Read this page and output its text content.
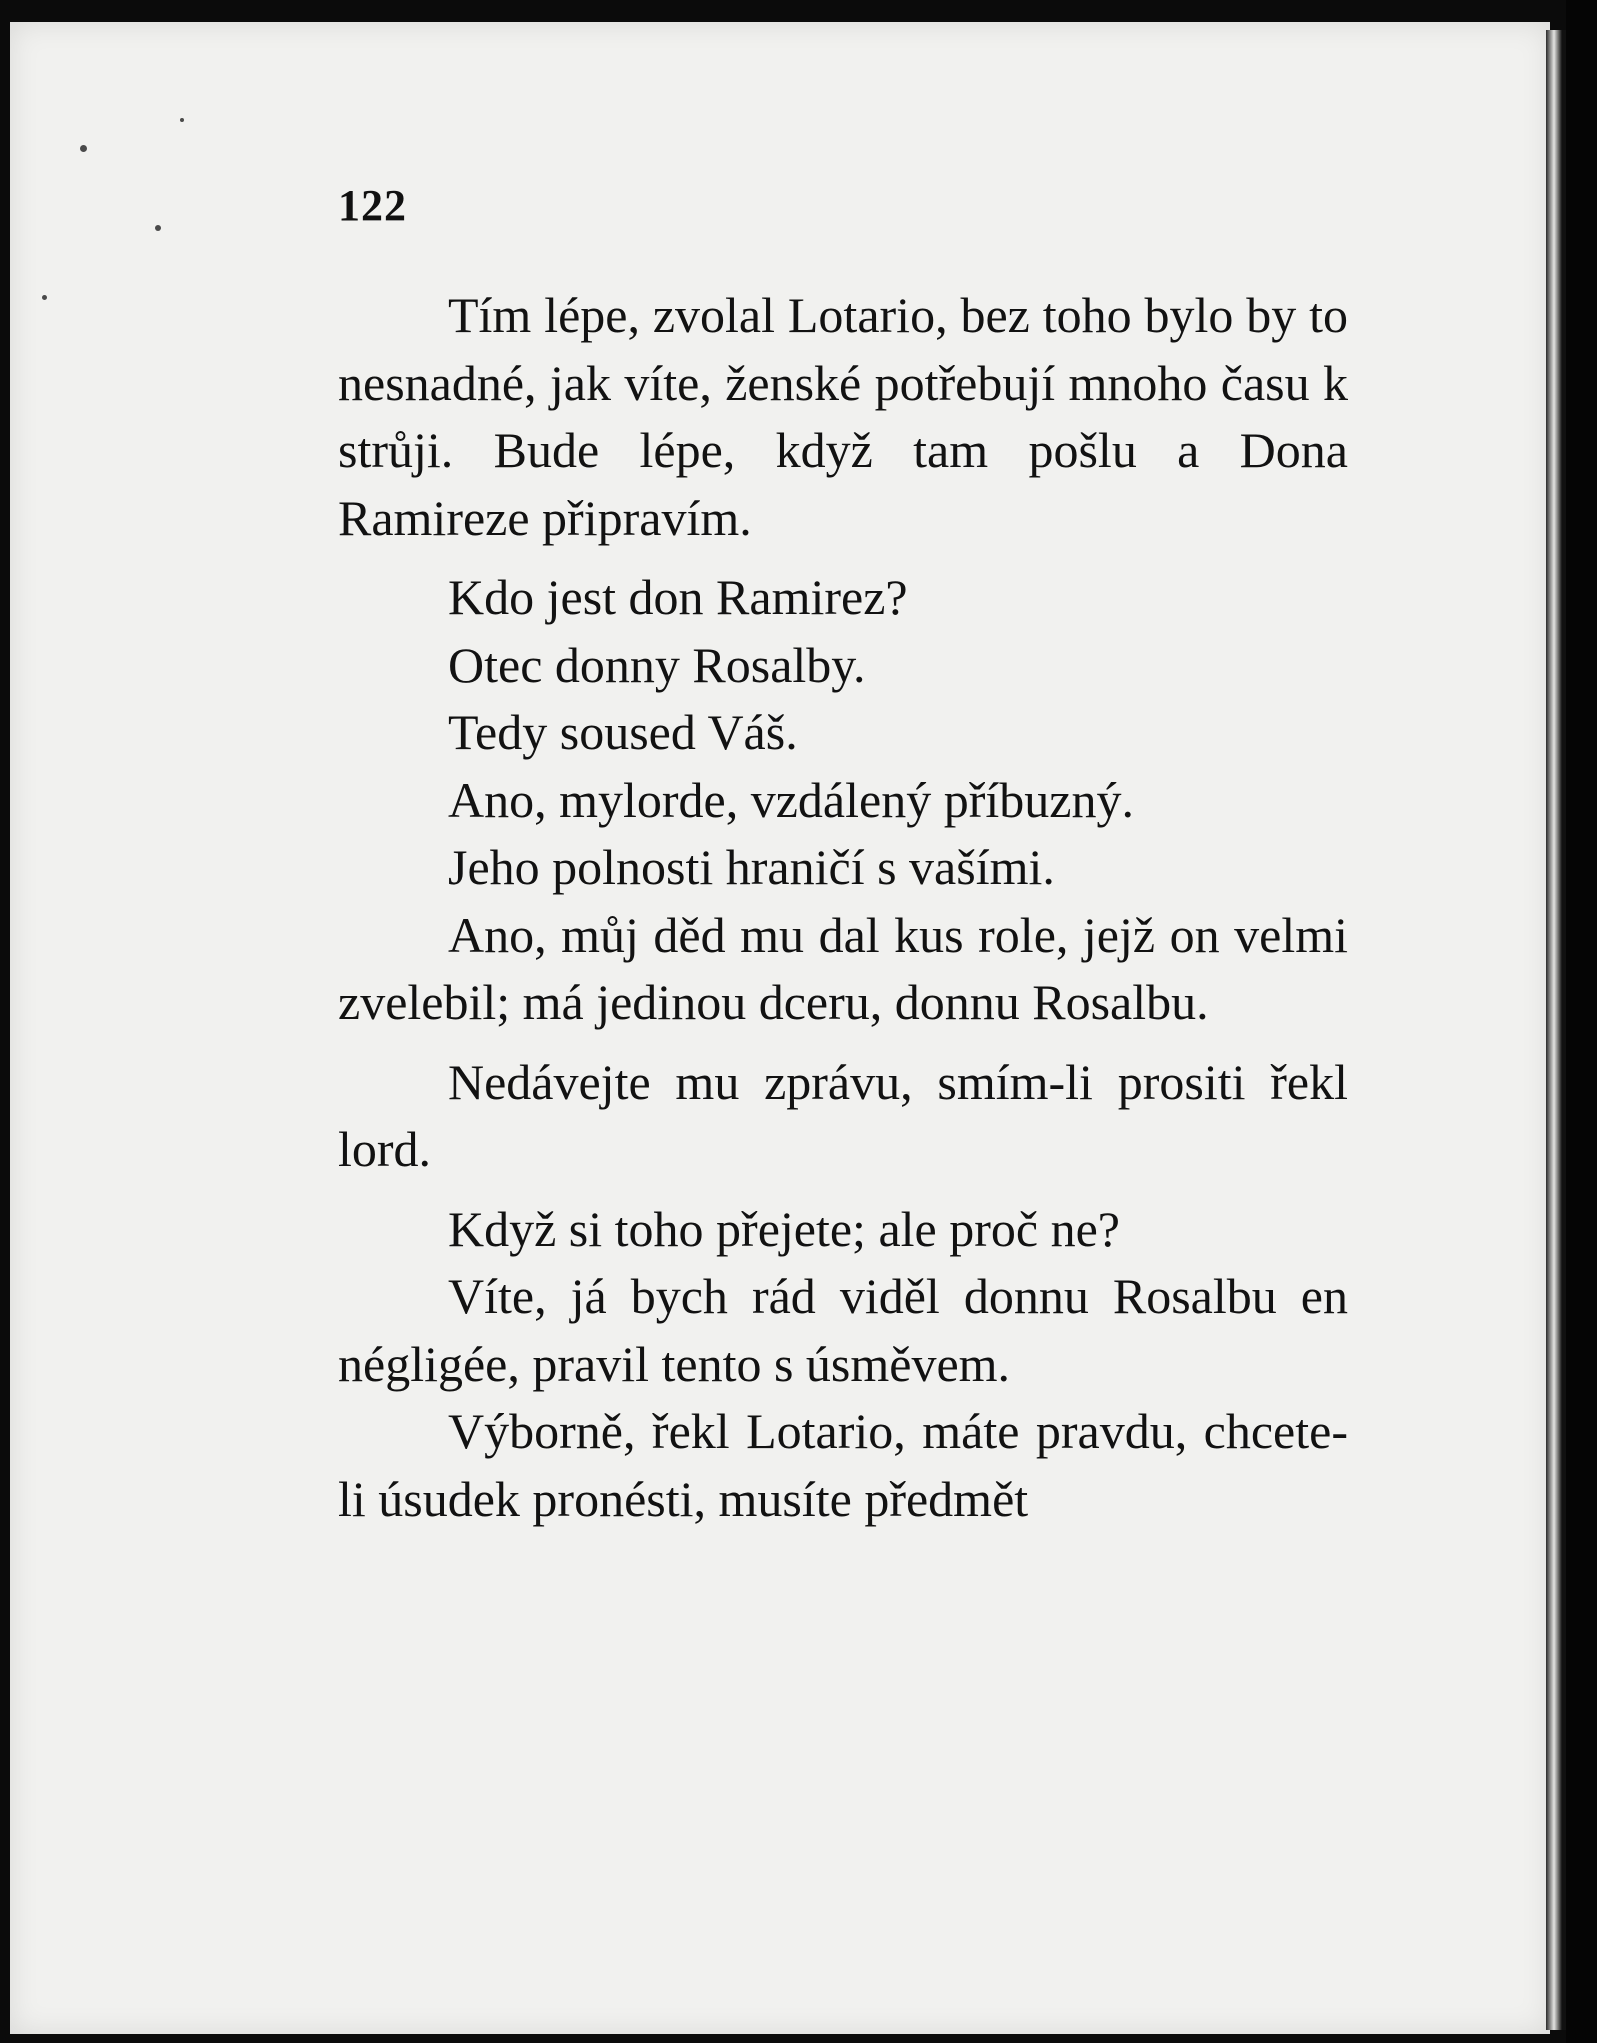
122

Tím lépe, zvolal Lotario, bez toho bylo by to nesnadné, jak víte, ženské potřebují mnoho času k strůji. Bude lépe, když tam pošlu a Dona Ramireze připravím.

Kdo jest don Ramirez?

Otec donny Rosalby.

Tedy soused Váš.

Ano, mylorde, vzdálený příbuzný.

Jeho polnosti hraničí s vašími.

Ano, můj děd mu dal kus role, jejž on velmi zvelebil; má jedinou dceru, donnu Rosalbu.

Nedávejte mu zprávu, smím-li prositi řekl lord.

Když si toho přejete; ale proč ne?

Víte, já bych rád viděl donnu Rosalbu en négligée, pravil tento s úsměvem.

Výborně, řekl Lotario, máte pravdu, chcete-li úsudek pronésti, musíte předmět
